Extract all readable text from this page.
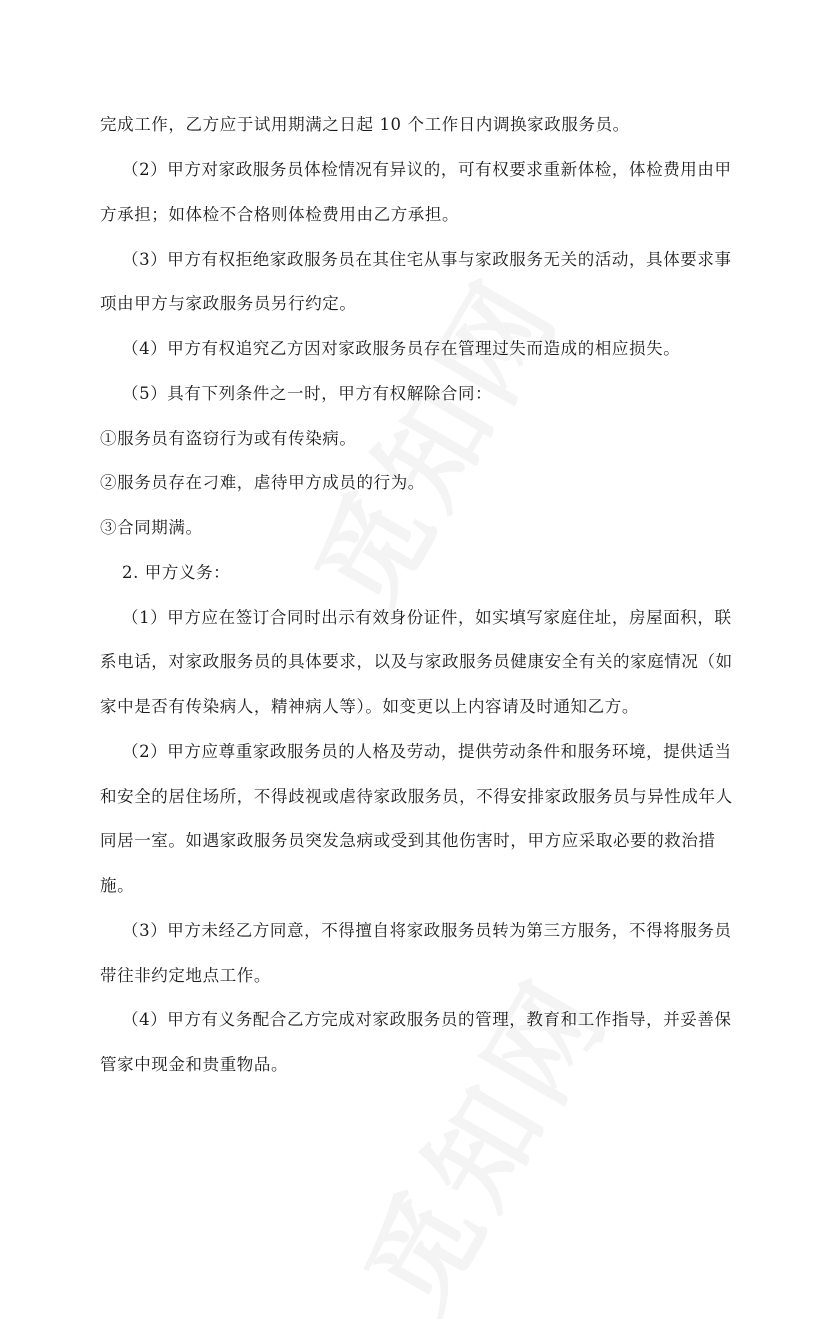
完成工作，乙方应于试用期满之日起 10 个工作日内调换家政服务员。
（2）甲方对家政服务员体检情况有异议的，可有权要求重新体检，体检费用由甲
方承担；如体检不合格则体检费用由乙方承担。
（3）甲方有权拒绝家政服务员在其住宅从事与家政服务无关的活动，具体要求事
项由甲方与家政服务员另行约定。
（4）甲方有权追究乙方因对家政服务员存在管理过失而造成的相应损失。
（5）具有下列条件之一时，甲方有权解除合同：
①服务员有盗窃行为或有传染病。
②服务员存在刁难，虐待甲方成员的行为。
③合同期满。
2. 甲方义务：
（1）甲方应在签订合同时出示有效身份证件，如实填写家庭住址，房屋面积，联
系电话，对家政服务员的具体要求，以及与家政服务员健康安全有关的家庭情况（如
家中是否有传染病人，精神病人等）。如变更以上内容请及时通知乙方。
（2）甲方应尊重家政服务员的人格及劳动，提供劳动条件和服务环境，提供适当
和安全的居住场所，不得歧视或虐待家政服务员，不得安排家政服务员与异性成年人
同居一室。如遇家政服务员突发急病或受到其他伤害时，甲方应采取必要的救治措
施。
（3）甲方未经乙方同意，不得擅自将家政服务员转为第三方服务，不得将服务员
带往非约定地点工作。
（4）甲方有义务配合乙方完成对家政服务员的管理，教育和工作指导，并妥善保
管家中现金和贵重物品。
